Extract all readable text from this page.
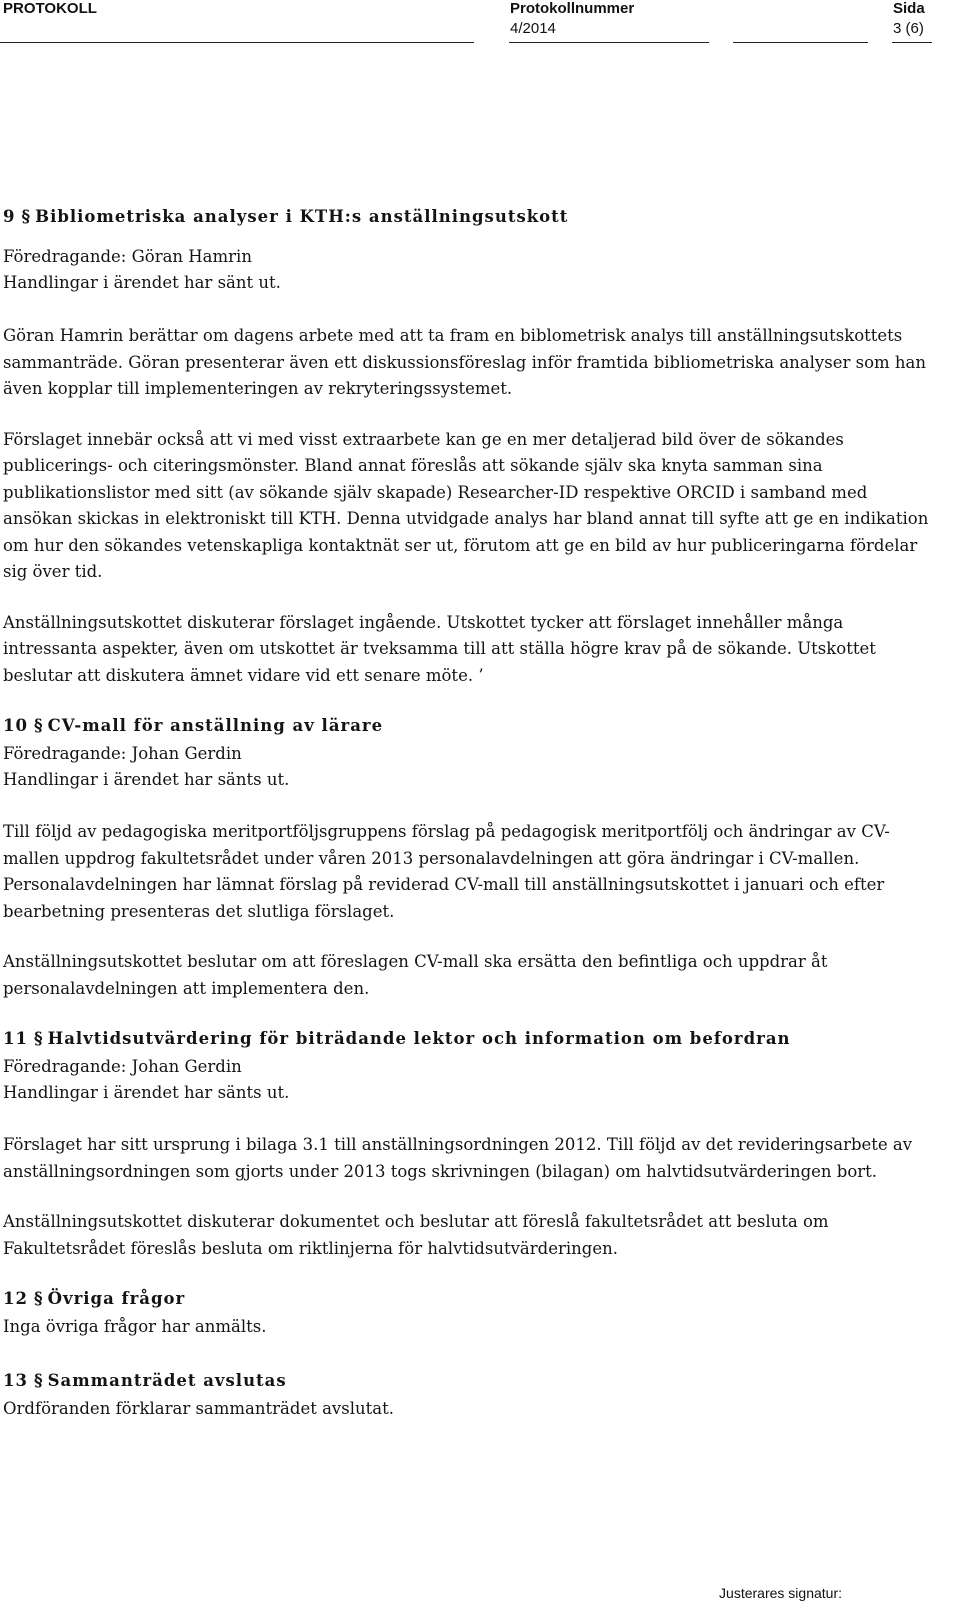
PROTOKOLL	Protokollnummer
4/2014
Sida
3 (6)

9 § Bibliometriska analyser i KTH:s anställningsutskott

Föredragande: Göran Hamrin

Handlingar i ärendet har sänt ut.

Göran Hamrin berättar om dagens arbete med att ta fram en biblometrisk analys till anställningsutskottets sammanträde. Göran presenterar även ett diskussionsföreslag inför framtida bibliometriska analyser som han även kopplar till implementeringen av rekryteringssystemet.

Förslaget innebär också att vi med visst extraarbete kan ge en mer detaljerad bild över de sökandes publicerings- och citeringsmönster. Bland annat föreslås att sökande själv ska knyta samman sina publikationslistor med sitt (av sökande själv skapade) Researcher-ID respektive ORCID i samband med ansökan skickas in elektroniskt till KTH. Denna utvidgade analys har bland annat till syfte att ge en indikation om hur den sökandes vetenskapliga kontaktnät ser ut, förutom att ge en bild av hur publiceringarna fördelar sig över tid.

Anställningsutskottet diskuterar förslaget ingående. Utskottet tycker att förslaget innehåller många intressanta aspekter, även om utskottet är tveksamma till att ställa högre krav på de sökande. Utskottet beslutar att diskutera ämnet vidare vid ett senare möte. ’

10 § CV-mall för anställning av lärare

Föredragande: Johan Gerdin

Handlingar i ärendet har sänts ut.

Till följd av pedagogiska meritportföljsgruppens förslag på pedagogisk meritportfölj och ändringar av CV-mallen uppdrog fakultetsrådet under våren 2013 personalavdelningen att göra ändringar i CV-mallen. Personalavdelningen har lämnat förslag på reviderad CV-mall till anställningsutskottet i januari och efter bearbetning presenteras det slutliga förslaget.

Anställningsutskottet beslutar om att föreslagen CV-mall ska ersätta den befintliga och uppdrar åt personalavdelningen att implementera den.

11 § Halvtidsutvärdering för biträdande lektor och information om befordran

Föredragande: Johan Gerdin

Handlingar i ärendet har sänts ut.

Förslaget har sitt ursprung i bilaga 3.1 till anställningsordningen 2012. Till följd av det revideringsarbete av anställningsordningen som gjorts under 2013 togs skrivningen (bilagan) om halvtidsutvärderingen bort.

Anställningsutskottet diskuterar dokumentet och beslutar att föreslå fakultetsrådet att besluta om Fakultetsrådet föreslås besluta om riktlinjerna för halvtidsutvärderingen.

12 § Övriga frågor

Inga övriga frågor har anmälts.

13 § Sammanträdet avslutas

Ordföranden förklarar sammanträdet avslutat.

Justerares signatur:
